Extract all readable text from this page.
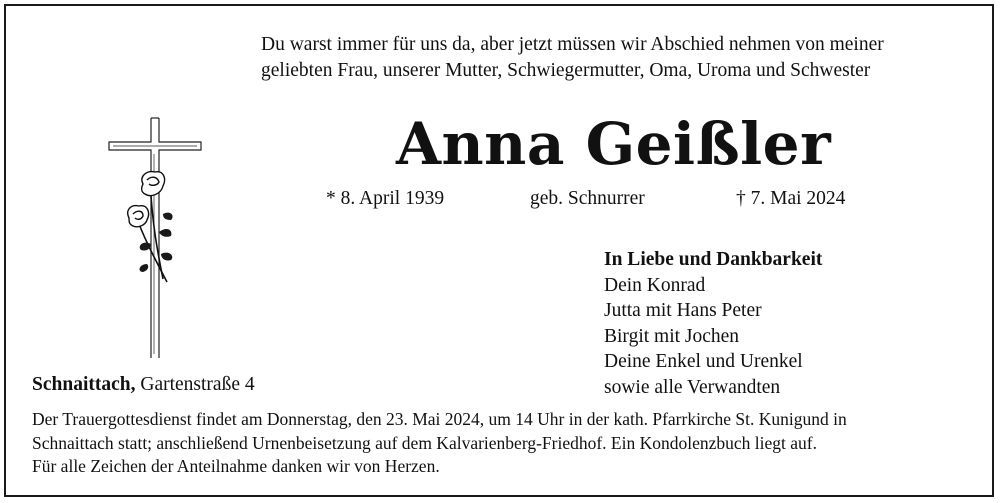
Du warst immer für uns da, aber jetzt müssen wir Abschied nehmen von meiner
geliebten Frau, unserer Mutter, Schwiegermutter, Oma, Uroma und Schwester
Anna Geißler
* 8. April 1939	geb. Schnurrer	† 7. Mai 2024
In Liebe und Dankbarkeit
Dein Konrad
Jutta mit Hans Peter
Birgit mit Jochen
Deine Enkel und Urenkel
sowie alle Verwandten
Schnaittach, Gartenstraße 4
Der Trauergottesdienst findet am Donnerstag, den 23. Mai 2024, um 14 Uhr in der kath. Pfarrkirche St. Kunigund in
Schnaittach statt; anschließend Urnenbeisetzung auf dem Kalvarienberg-Friedhof. Ein Kondolenzbuch liegt auf.
Für alle Zeichen der Anteilnahme danken wir von Herzen.
